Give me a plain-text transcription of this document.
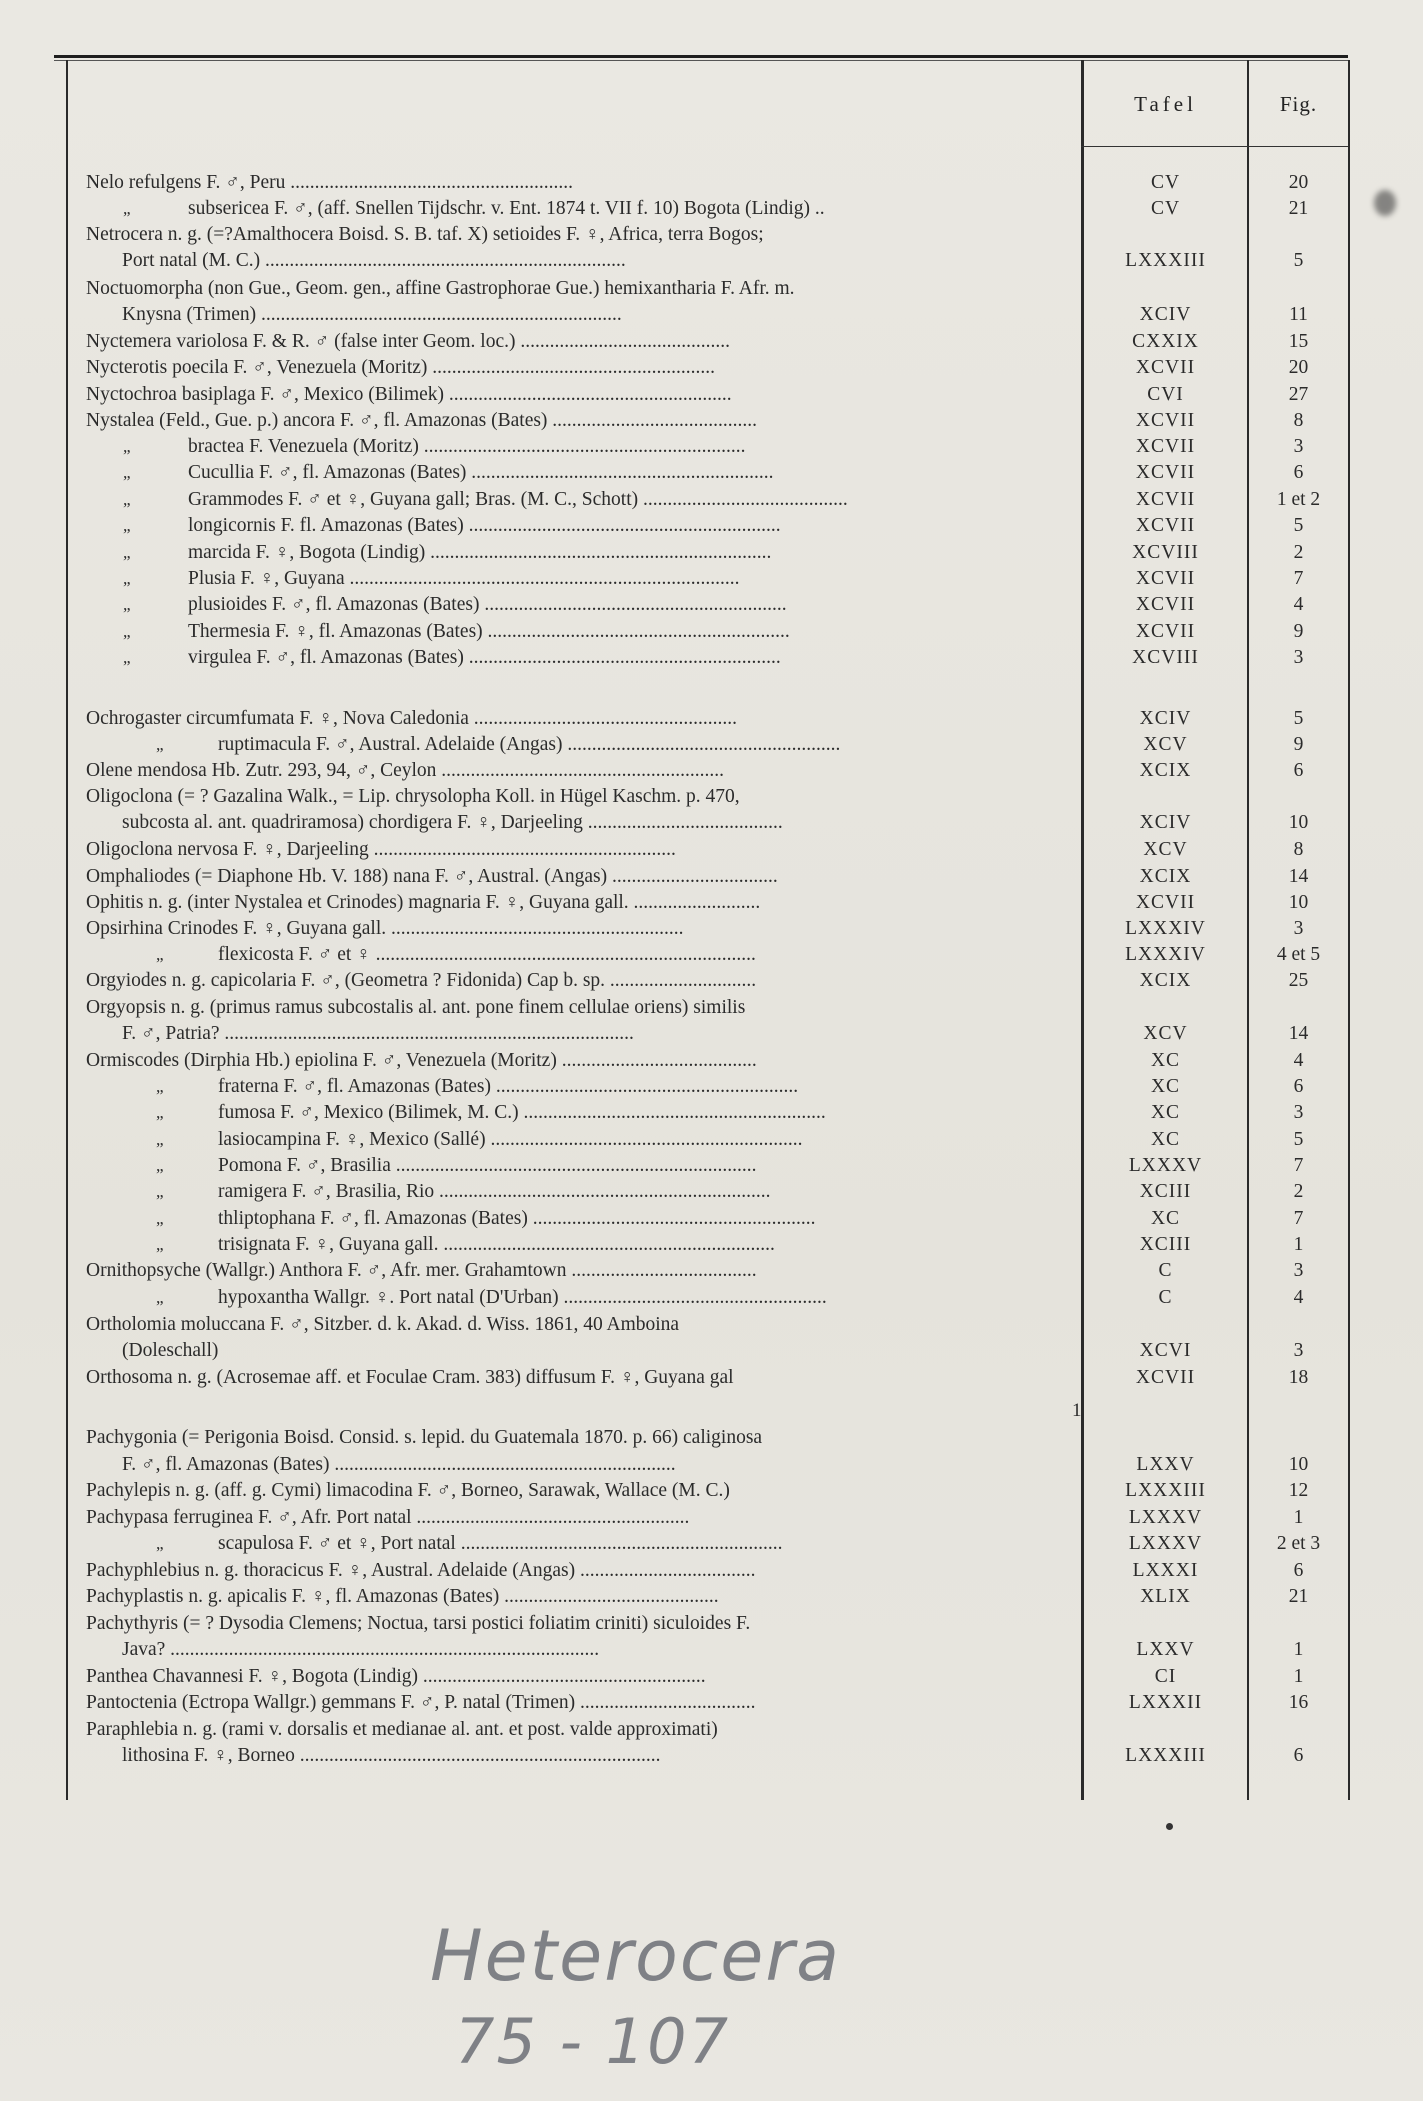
Tafel	Fig.
Nelo refulgens F. ♂, Peru ..........................................................	CV	20
„	subsericea F. ♂, (aff. Snellen Tijdschr. v. Ent. 1874 t. VII f. 10) Bogota (Lindig) ..	CV	21
Netrocera n. g. (=?Amalthocera Boisd. S. B. taf. X) setioides F. ♀, Africa, terra Bogos;
Port natal (M. C.) ..........................................................................	LXXXIII	5
Noctuomorpha (non Gue., Geom. gen., affine Gastrophorae Gue.) hemixantharia F. Afr. m.
Knysna (Trimen) ..........................................................................	XCIV	11
Nyctemera variolosa F. & R. ♂ (false inter Geom. loc.) ...........................................	CXXIX	15
Nycterotis poecila F. ♂, Venezuela (Moritz) ..........................................................	XCVII	20
Nyctochroa basiplaga F. ♂, Mexico (Bilimek) ..........................................................	CVI	27
Nystalea (Feld., Gue. p.) ancora F. ♂, fl. Amazonas (Bates) ..........................................	XCVII	8
„	bractea F. Venezuela (Moritz) ..................................................................	XCVII	3
„	Cucullia F. ♂, fl. Amazonas (Bates) ..............................................................	XCVII	6
„	Grammodes F. ♂ et ♀, Guyana gall; Bras. (M. C., Schott) ..........................................	XCVII	1 et 2
„	longicornis F. fl. Amazonas (Bates) ................................................................	XCVII	5
„	marcida F. ♀, Bogota (Lindig) ......................................................................	XCVIII	2
„	Plusia F. ♀, Guyana ................................................................................	XCVII	7
„	plusioides F. ♂, fl. Amazonas (Bates) ..............................................................	XCVII	4
„	Thermesia F. ♀, fl. Amazonas (Bates) ..............................................................	XCVII	9
„	virgulea F. ♂, fl. Amazonas (Bates) ................................................................	XCVIII	3
Ochrogaster circumfumata F. ♀, Nova Caledonia ......................................................	XCIV	5
„	ruptimacula F. ♂, Austral. Adelaide (Angas) ........................................................	XCV	9
Olene mendosa Hb. Zutr. 293, 94, ♂, Ceylon ..........................................................	XCIX	6
Oligoclona (= ? Gazalina Walk., = Lip. chrysolopha Koll. in Hügel Kaschm. p. 470,
subcosta al. ant. quadriramosa) chordigera F. ♀, Darjeeling ........................................	XCIV	10
Oligoclona nervosa F. ♀, Darjeeling ..............................................................	XCV	8
Omphaliodes (= Diaphone Hb. V. 188) nana F. ♂, Austral. (Angas) ..................................	XCIX	14
Ophitis n. g. (inter Nystalea et Crinodes) magnaria F. ♀, Guyana gall. ..........................	XCVII	10
Opsirhina Crinodes F. ♀, Guyana gall. ............................................................	LXXXIV	3
„	flexicosta F. ♂ et ♀ ..............................................................................	LXXXIV	4 et 5
Orgyiodes n. g. capicolaria F. ♂, (Geometra ? Fidonida) Cap b. sp. ..............................	XCIX	25
Orgyopsis n. g. (primus ramus subcostalis al. ant. pone finem cellulae oriens) similis
F. ♂, Patria? ....................................................................................	XCV	14
Ormiscodes (Dirphia Hb.) epiolina F. ♂, Venezuela (Moritz) ........................................	XC	4
„	fraterna F. ♂, fl. Amazonas (Bates) ..............................................................	XC	6
„	fumosa F. ♂, Mexico (Bilimek, M. C.) ..............................................................	XC	3
„	lasiocampina F. ♀, Mexico (Sallé) ................................................................	XC	5
„	Pomona F. ♂, Brasilia ..........................................................................	LXXXV	7
„	ramigera F. ♂, Brasilia, Rio ....................................................................	XCIII	2
„	thliptophana F. ♂, fl. Amazonas (Bates) ..........................................................	XC	7
„	trisignata F. ♀, Guyana gall. ....................................................................	XCIII	1
Ornithopsyche (Wallgr.) Anthora F. ♂, Afr. mer. Grahamtown ......................................	C	3
„	hypoxantha Wallgr. ♀. Port natal (D'Urban) ......................................................	C	4
Ortholomia moluccana F. ♂, Sitzber. d. k. Akad. d. Wiss. 1861, 40 Amboina
(Doleschall)	XCVI	3
Orthosoma n. g. (Acrosemae aff. et Foculae Cram. 383) diffusum F. ♀, Guyana gal	XCVII	18
Pachygonia (= Perigonia Boisd. Consid. s. lepid. du Guatemala 1870. p. 66) caliginosa
F. ♂, fl. Amazonas (Bates) ......................................................................	LXXV	10
Pachylepis n. g. (aff. g. Cymi) limacodina F. ♂, Borneo, Sarawak, Wallace (M. C.)	LXXXIII	12
Pachypasa ferruginea F. ♂, Afr. Port natal ........................................................	LXXXV	1
„	scapulosa F. ♂ et ♀, Port natal ..................................................................	LXXXV	2 et 3
Pachyphlebius n. g. thoracicus F. ♀, Austral. Adelaide (Angas) ....................................	LXXXI	6
Pachyplastis n. g. apicalis F. ♀, fl. Amazonas (Bates) ............................................	XLIX	21
Pachythyris (= ? Dysodia Clemens; Noctua, tarsi postici foliatim criniti) siculoides F.
Java? ........................................................................................	LXXV	1
Panthea Chavannesi F. ♀, Bogota (Lindig) ..........................................................	CI	1
Pantoctenia (Ectropa Wallgr.) gemmans F. ♂, P. natal (Trimen) ....................................	LXXXII	16
Paraphlebia n. g. (rami v. dorsalis et medianae al. ant. et post. valde approximati)
lithosina F. ♀, Borneo ..........................................................................	LXXXIII	6
1
Heterocera
75 - 107
